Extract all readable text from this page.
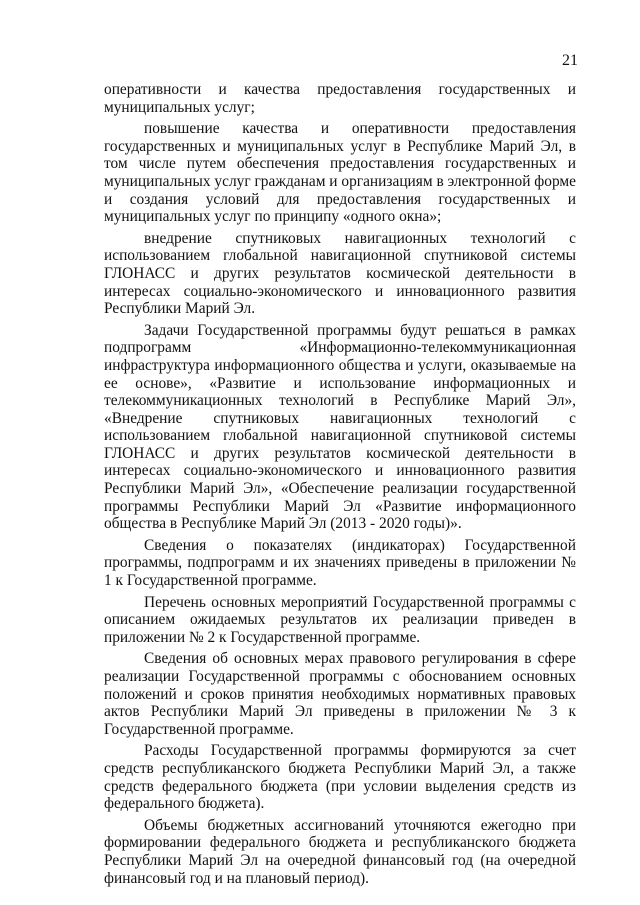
21

оперативности и качества предоставления государственных и муниципальных услуг;

повышение качества и оперативности предоставления государственных и муниципальных услуг в Республике Марий Эл, в том числе путем обеспечения предоставления государственных и муниципальных услуг гражданам и организациям в электронной форме и создания условий для предоставления государственных и муниципальных услуг по принципу «одного окна»;

внедрение спутниковых навигационных технологий с использованием глобальной навигационной спутниковой системы ГЛОНАСС и других результатов космической деятельности в интересах социально-экономического и инновационного развития Республики Марий Эл.

Задачи Государственной программы будут решаться в рамках подпрограмм «Информационно-телекоммуникационная инфраструктура информационного общества и услуги, оказываемые на ее основе», «Развитие и использование информационных и телекоммуникационных технологий в Республике Марий Эл», «Внедрение спутниковых навигационных технологий с использованием глобальной навигационной спутниковой системы ГЛОНАСС и других результатов космической деятельности в интересах социально-экономического и инновационного развития Республики Марий Эл», «Обеспечение реализации государственной программы Республики Марий Эл «Развитие информационного общества в Республике Марий Эл (2013 - 2020 годы)».

Сведения о показателях (индикаторах) Государственной программы, подпрограмм и их значениях приведены в приложении № 1 к Государственной программе.

Перечень основных мероприятий Государственной программы с описанием ожидаемых результатов их реализации приведен в приложении № 2 к Государственной программе.

Сведения об основных мерах правового регулирования в сфере реализации Государственной программы с обоснованием основных положений и сроков принятия необходимых нормативных правовых актов Республики Марий Эл приведены в приложении № 3 к Государственной программе.

Расходы Государственной программы формируются за счет средств республиканского бюджета Республики Марий Эл, а также средств федерального бюджета (при условии выделения средств из федерального бюджета).

Объемы бюджетных ассигнований уточняются ежегодно при формировании федерального бюджета и республиканского бюджета Республики Марий Эл на очередной финансовый год (на очередной финансовый год и на плановый период).
